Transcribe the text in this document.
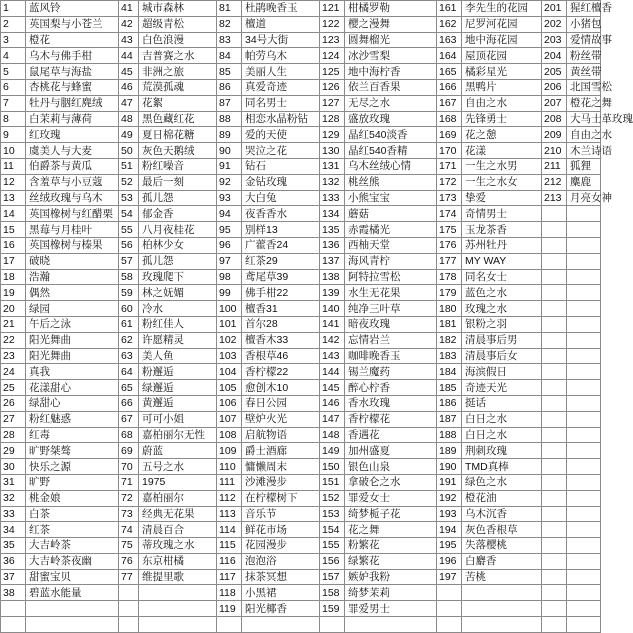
1	蓝风铃	41	城市森林	81	杜鹃晚香玉	121	柑橘罗勒	161	李先生的花园	201	猩红檀香
2	英国梨与小苍兰	42	超级青松	82	檀道	122	樱之漫舞	162	尼罗河花园	202	小猪包
3	橙花	43	白色浪漫	83	34号大街	123	圆舞榴光	163	地中海花园	203	爱情故事
4	乌木与佛手柑	44	吉普赛之水	84	帕劳乌木	124	冰沙雪梨	164	屋顶花园	204	粉丝带
5	鼠尾草与海盐	45	非洲之旅	85	美丽人生	125	地中海柠香	165	橘彩星光	205	黄丝带
6	杏桃花与蜂蜜	46	荒漠孤魂	86	真爱奇迹	126	依兰百香果	166	黑鸭片	206	北国雪松
7	牡丹与胭红麂绒	47	花絮	87	同名男士	127	无尽之水	167	自由之水	207	橙花之舞
8	白茉莉与薄荷	48	黑色藏红花	88	相恋水晶粉钻	128	盛放玫瑰	168	先锋勇士	208	大马士革玫瑰
9	红玫瑰	49	夏日棉花糖	89	爱的天使	129	晶红540淡香	169	花之憩	209	自由之水
10	虞美人与大麦	50	灰色天鹅绒	90	哭泣之花	130	晶红540香精	170	花漾	210	木兰诗语
11	伯爵茶与黄瓜	51	粉红噪音	91	钻石	131	乌木丝绒心情	171	一生之水男	211	狐狸
12	含羞草与小豆蔻	52	最后一刻	92	金钻玫瑰	132	桃丝熊	172	一生之水女	212	麋鹿
13	丝绒玫瑰与乌木	53	孤儿怨	93	大白兔	133	小熊宝宝	173	挚爱	213	月亮女神
14	英国橡树与红醋栗	54	郁金香	94	夜香香水	134	蘑菇	174	奇情男士		
15	黑莓与月桂叶	55	八月夜桂花	95	别样13	135	赤霞橘光	175	玉龙茶香		
16	英国橡树与榛果	56	柏林少女	96	广藿香24	136	西柚天堂	176	苏州牡丹		
17	破晓	57	孤儿怨	97	红茶29	137	海风青柠	177	MY WAY		
18	浩瀚	58	玫瑰爬下	98	鸢尾草39	138	阿特拉雪松	178	同名女士		
19	偶然	59	林之妩媚	99	佛手柑22	139	水生无花果	179	蓝色之水		
20	绿园	60	冷水	100	檀香31	140	纯净三叶草	180	玫瑰之水		
21	午后之泳	61	粉红佳人	101	首尔28	141	暗夜玫瑰	181	银粉之羽		
22	阳光舞曲	62	许愿精灵	102	檀香木33	142	忘情岩兰	182	清晨事后男		
23	阳光舞曲	63	美人鱼	103	香根草46	143	咖啡晚香玉	183	清晨事后女		
24	真我	64	粉邂逅	104	香柠檬22	144	锡兰魔药	184	海滨假日		
25	花漾甜心	65	绿邂逅	105	愈创木10	145	醉心柠香	185	奇迹天光		
26	绿甜心	66	黄邂逅	106	春日公园	146	香水玫瑰	186	挺话		
27	粉红魅惑	67	可可小姐	107	壁炉火光	147	香柠檬花	187	白日之水		
28	红毒	68	嘉柏丽尔无性	108	启航物语	148	香遇花	188	白日之水		
29	旷野桀骜	69	蔚蓝	109	爵士酒廊	149	加州盛夏	189	荆刺玫瑰		
30	快乐之源	70	五号之水	110	慵懒周末	150	银色山泉	190	TMD真棒		
31	旷野	71	1975	111	沙滩漫步	151	拿破仑之水	191	绿色之水		
32	桃金娘	72	嘉柏丽尔	112	在柠檬树下	152	罪爱女士	192	橙花油		
33	白茶	73	经典无花果	113	音乐节	153	绮梦栀子花	193	乌木沉香		
34	红茶	74	清晨百合	114	鲜花市场	154	花之舞	194	灰色香根草		
35	大吉岭茶	75	蒂玫瑰之水	115	花园漫步	155	粉繁花	195	失落樱桃		
36	大吉岭茶夜幽	76	东京柑橘	116	泡泡浴	156	绿繁花	196	白麝香		
37	甜蜜宝贝	77	维提里歌	117	抹茶冥想	157	嫉妒我粉	197	苦桃		
38	碧蓝水能量			118	小黑裙	158	绮梦茉莉				
				119	阳光椰香	159	罪爱男士				
